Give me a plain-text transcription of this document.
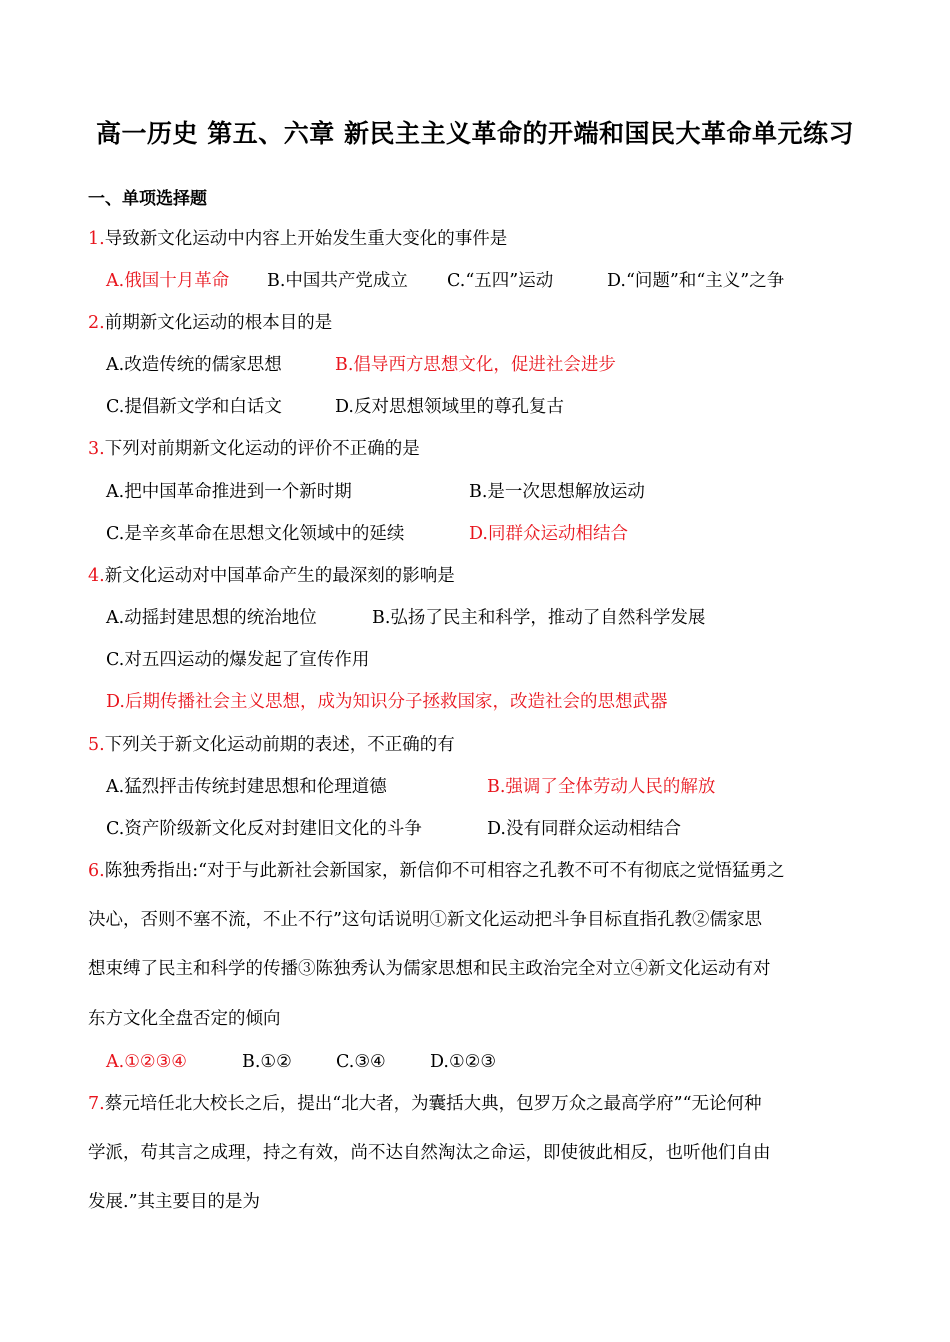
高一历史 第五、六章 新民主主义革命的开端和国民大革命单元练习
一、单项选择题
1.导致新文化运动中内容上开始发生重大变化的事件是
A.俄国十月革命 B.中国共产党成立 C.“五四”运动	D.“问题”和“主义”之争
2.前期新文化运动的根本目的是
A.改造传统的儒家思想	B.倡导西方思想文化，促进社会进步
C.提倡新文学和白话文	D.反对思想领域里的尊孔复古
3.下列对前期新文化运动的评价不正确的是
A.把中国革命推进到一个新时期	B.是一次思想解放运动
C.是辛亥革命在思想文化领域中的延续	D.同群众运动相结合
4.新文化运动对中国革命产生的最深刻的影响是
A.动摇封建思想的统治地位	B.弘扬了民主和科学，推动了自然科学发展
C.对五四运动的爆发起了宣传作用
D.后期传播社会主义思想，成为知识分子拯救国家，改造社会的思想武器
5.下列关于新文化运动前期的表述，不正确的有
A.猛烈抨击传统封建思想和伦理道德	B.强调了全体劳动人民的解放
C.资产阶级新文化反对封建旧文化的斗争	D.没有同群众运动相结合
6.陈独秀指出:“对于与此新社会新国家，新信仰不可相容之孔教不可不有彻底之觉悟猛勇之
决心，否则不塞不流，不止不行”这句话说明①新文化运动把斗争目标直指孔教②儒家思
想束缚了民主和科学的传播③陈独秀认为儒家思想和民主政治完全对立④新文化运动有对
东方文化全盘否定的倾向
A.①②③④	B.①②	C.③④	D.①②③
7.蔡元培任北大校长之后，提出“北大者，为囊括大典，包罗万众之最高学府”“无论何种
学派，苟其言之成理，持之有效，尚不达自然淘汰之命运，即使彼此相反，也听他们自由
发展.”其主要目的是为
